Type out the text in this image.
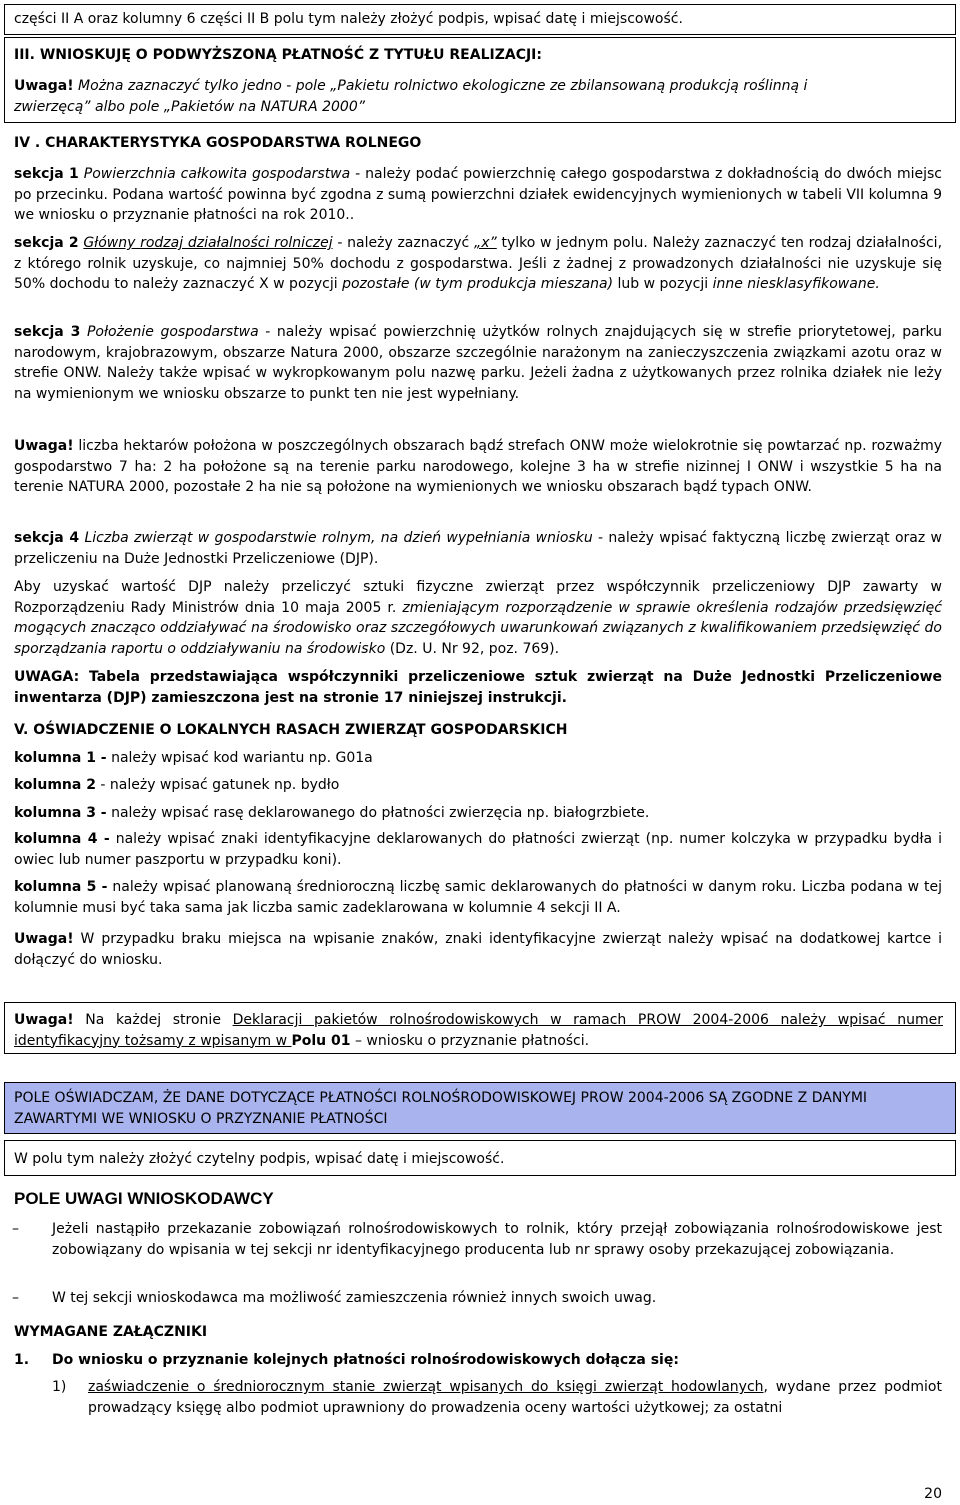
części II A oraz kolumny 6 części II B polu tym należy złożyć podpis, wpisać datę i miejscowość.
III. WNIOSKUJĘ O PODWYŻSZONĄ PŁATNOŚĆ Z TYTUŁU REALIZACJI:
Uwaga! Można zaznaczyć tylko jedno - pole „Pakietu rolnictwo ekologiczne ze zbilansowaną produkcją roślinną i
zwierzęcą” albo pole „Pakietów na NATURA 2000”
IV . CHARAKTERYSTYKA GOSPODARSTWA ROLNEGO
sekcja 1 Powierzchnia całkowita gospodarstwa - należy podać powierzchnię całego gospodarstwa z dokładnością do dwóch miejsc po przecinku. Podana wartość powinna być zgodna z sumą powierzchni działek ewidencyjnych wymienionych w tabeli VII kolumna 9 we wniosku o przyznanie płatności na rok 2010..
sekcja 2 Główny rodzaj działalności rolniczej - należy zaznaczyć „x” tylko w jednym polu. Należy zaznaczyć ten rodzaj działalności, z którego rolnik uzyskuje, co najmniej 50% dochodu z gospodarstwa. Jeśli z żadnej z prowadzonych działalności nie uzyskuje się 50% dochodu to należy zaznaczyć X w pozycji pozostałe (w tym produkcja mieszana) lub w pozycji inne niesklasyfikowane.
sekcja 3 Położenie gospodarstwa - należy wpisać powierzchnię użytków rolnych znajdujących się w strefie priorytetowej, parku narodowym, krajobrazowym, obszarze Natura 2000, obszarze szczególnie narażonym na zanieczyszczenia związkami azotu oraz w strefie ONW. Należy także wpisać w wykropkowanym polu nazwę parku. Jeżeli żadna z użytkowanych przez rolnika działek nie leży na wymienionym we wniosku obszarze to punkt ten nie jest wypełniany.
Uwaga! liczba hektarów położona w poszczególnych obszarach bądź strefach ONW może wielokrotnie się powtarzać np. rozważmy gospodarstwo 7 ha: 2 ha położone są na terenie parku narodowego, kolejne 3 ha w strefie nizinnej I ONW i wszystkie 5 ha na terenie NATURA 2000, pozostałe 2 ha nie są położone na wymienionych we wniosku obszarach bądź typach ONW.
sekcja 4 Liczba zwierząt w gospodarstwie rolnym, na dzień wypełniania wniosku - należy wpisać faktyczną liczbę zwierząt oraz w przeliczeniu na Duże Jednostki Przeliczeniowe (DJP).
Aby uzyskać wartość DJP należy przeliczyć sztuki fizyczne zwierząt przez współczynnik przeliczeniowy DJP zawarty w Rozporządzeniu Rady Ministrów dnia 10 maja 2005 r. zmieniającym rozporządzenie w sprawie określenia rodzajów przedsięwzięć mogących znacząco oddziaływać na środowisko oraz szczegółowych uwarunkowań związanych z kwalifikowaniem przedsięwzięć do sporządzania raportu o oddziaływaniu na środowisko (Dz. U. Nr 92, poz. 769).
UWAGA: Tabela przedstawiająca współczynniki przeliczeniowe sztuk zwierząt na Duże Jednostki Przeliczeniowe inwentarza (DJP) zamieszczona jest na stronie 17 niniejszej instrukcji.
V. OŚWIADCZENIE O LOKALNYCH RASACH ZWIERZĄT GOSPODARSKICH
kolumna 1 - należy wpisać kod wariantu np. G01a
kolumna 2 - należy wpisać gatunek np. bydło
kolumna 3 - należy wpisać rasę deklarowanego do płatności zwierzęcia np. białogrzbiete.
kolumna 4 - należy wpisać znaki identyfikacyjne deklarowanych do płatności zwierząt (np. numer kolczyka w przypadku bydła i owiec lub numer paszportu w przypadku koni).
kolumna 5 - należy wpisać planowaną średnioroczną liczbę samic deklarowanych do płatności w danym roku. Liczba podana w tej kolumnie musi być taka sama jak liczba samic zadeklarowana w kolumnie 4 sekcji II A.
Uwaga! W przypadku braku miejsca na wpisanie znaków, znaki identyfikacyjne zwierząt należy wpisać na dodatkowej kartce i dołączyć do wniosku.
Uwaga! Na każdej stronie Deklaracji pakietów rolnośrodowiskowych w ramach PROW 2004-2006 należy wpisać numer identyfikacyjny tożsamy z wpisanym w Polu 01 – wniosku o przyznanie płatności.
POLE OŚWIADCZAM, ŻE DANE DOTYCZĄCE PŁATNOŚCI ROLNOŚRODOWISKOWEJ PROW 2004-2006 SĄ ZGODNE Z DANYMI ZAWARTYMI WE WNIOSKU O PRZYZNANIE PŁATNOŚCI
W polu tym należy złożyć czytelny podpis, wpisać datę i miejscowość.
POLE UWAGI WNIOSKODAWCY
– Jeżeli nastąpiło przekazanie zobowiązań rolnośrodowiskowych to rolnik, który przejął zobowiązania rolnośrodowiskowe jest zobowiązany do wpisania w tej sekcji nr identyfikacyjnego producenta lub nr sprawy osoby przekazującej zobowiązania.
– W tej sekcji wnioskodawca ma możliwość zamieszczenia również innych swoich uwag.
WYMAGANE ZAŁĄCZNIKI
1. Do wniosku o przyznanie kolejnych płatności rolnośrodowiskowych dołącza się:
1) zaświadczenie o średniorocznym stanie zwierząt wpisanych do księgi zwierząt hodowlanych, wydane przez podmiot prowadzący księgę albo podmiot uprawniony do prowadzenia oceny wartości użytkowej; za ostatni
20
